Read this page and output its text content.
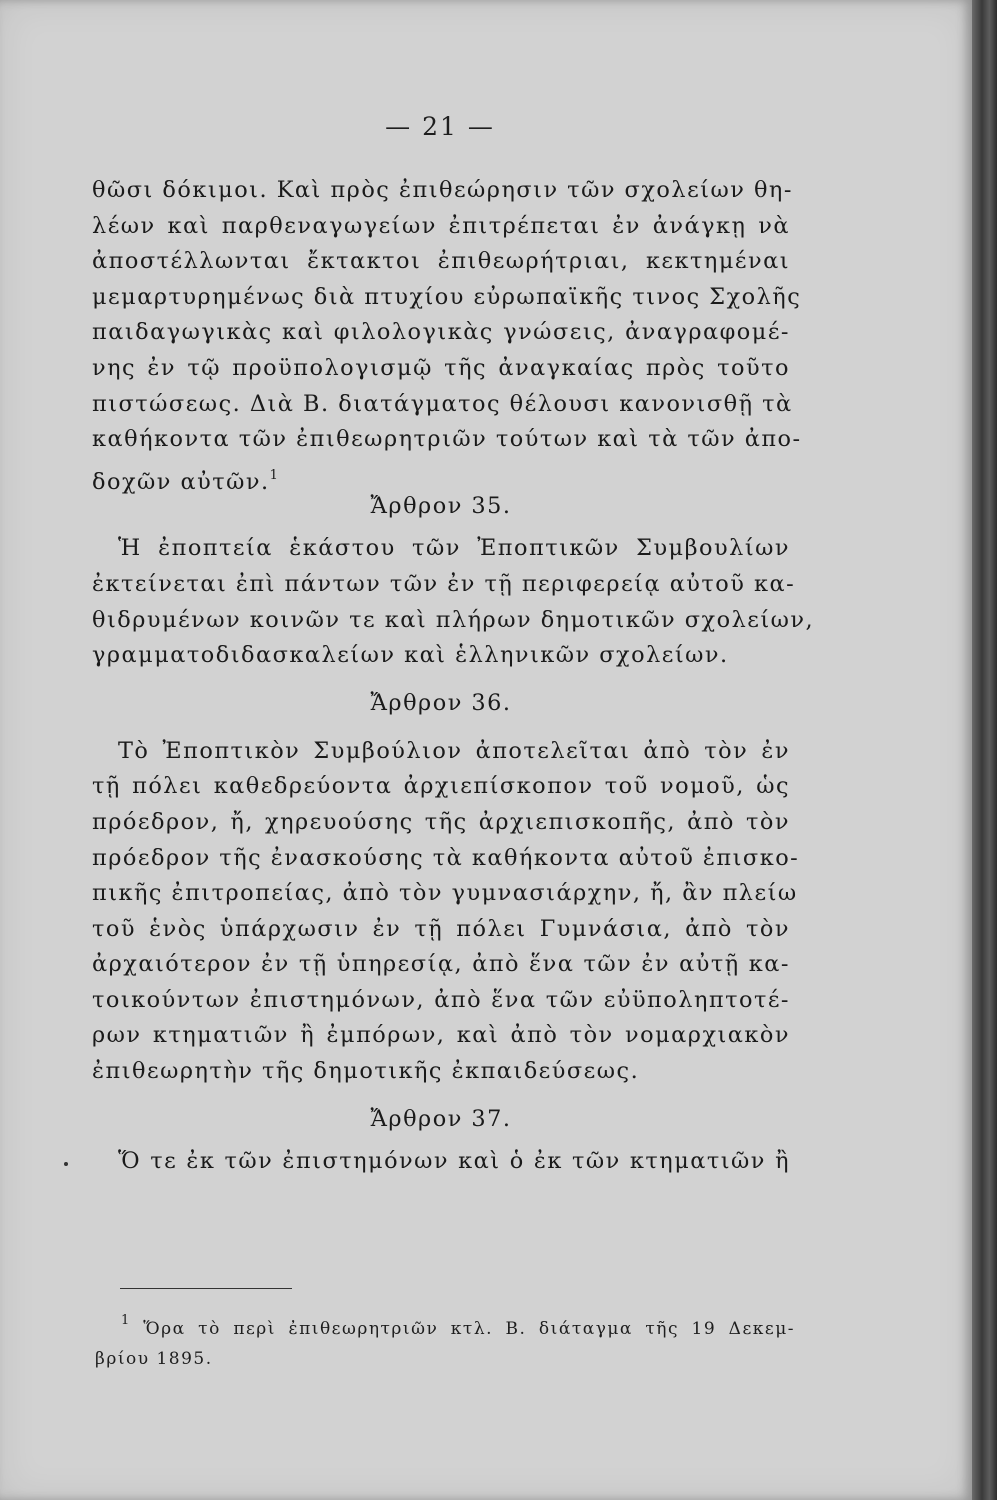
— 21 —
θῶσι δόκιμοι. Καὶ πρὸς ἐπιθεώρησιν τῶν σχολείων θη-
λέων καὶ παρθεναγωγείων ἐπιτρέπεται ἐν ἀνάγκῃ νὰ
ἀποστέλλωνται ἔκτακτοι ἐπιθεωρήτριαι, κεκτημέναι
μεμαρτυρημένως διὰ πτυχίου εὐρωπαϊκῆς τινος Σχολῆς
παιδαγωγικὰς καὶ φιλολογικὰς γνώσεις, ἀναγραφομέ-
νης ἐν τῷ προϋπολογισμῷ τῆς ἀναγκαίας πρὸς τοῦτο
πιστώσεως. Διὰ Β. διατάγματος θέλουσι κανονισθῇ τὰ
καθήκοντα τῶν ἐπιθεωρητριῶν τούτων καὶ τὰ τῶν ἀπο-
δοχῶν αὐτῶν.$^1$
Ἄρθρον 35.
Ἡ ἐποπτεία ἑκάστου τῶν Ἐποπτικῶν Συμβουλίων
ἐκτείνεται ἐπὶ πάντων τῶν ἐν τῇ περιφερείᾳ αὐτοῦ κα-
θιδρυμένων κοινῶν τε καὶ πλήρων δημοτικῶν σχολείων,
γραμματοδιδασκαλείων καὶ ἑλληνικῶν σχολείων.
Ἄρθρον 36.
Τὸ Ἐποπτικὸν Συμβούλιον ἀποτελεῖται ἀπὸ τὸν ἐν
τῇ πόλει καθεδρεύοντα ἀρχιεπίσκοπον τοῦ νομοῦ, ὡς
πρόεδρον, ἤ, χηρευούσης τῆς ἀρχιεπισκοπῆς, ἀπὸ τὸν
πρόεδρον τῆς ἐνασκούσης τὰ καθήκοντα αὐτοῦ ἐπισκο-
πικῆς ἐπιτροπείας, ἀπὸ τὸν γυμνασιάρχην, ἤ, ἂν πλείω
τοῦ ἑνὸς ὑπάρχωσιν ἐν τῇ πόλει Γυμνάσια, ἀπὸ τὸν
ἀρχαιότερον ἐν τῇ ὑπηρεσίᾳ, ἀπὸ ἕνα τῶν ἐν αὐτῇ κα-
τοικούντων ἐπιστημόνων, ἀπὸ ἕνα τῶν εὐϋποληπτοτέ-
ρων κτηματιῶν ἢ ἐμπόρων, καὶ ἀπὸ τὸν νομαρχιακὸν
ἐπιθεωρητὴν τῆς δημοτικῆς ἐκπαιδεύσεως.
Ἄρθρον 37.
Ὅ τε ἐκ τῶν ἐπιστημόνων καὶ ὁ ἐκ τῶν κτηματιῶν ἢ
$^1$ Ὅρα τὸ περὶ ἐπιθεωρητριῶν κτλ. Β. διάταγμα τῆς 19 Δεκεμ-
βρίου 1895.
